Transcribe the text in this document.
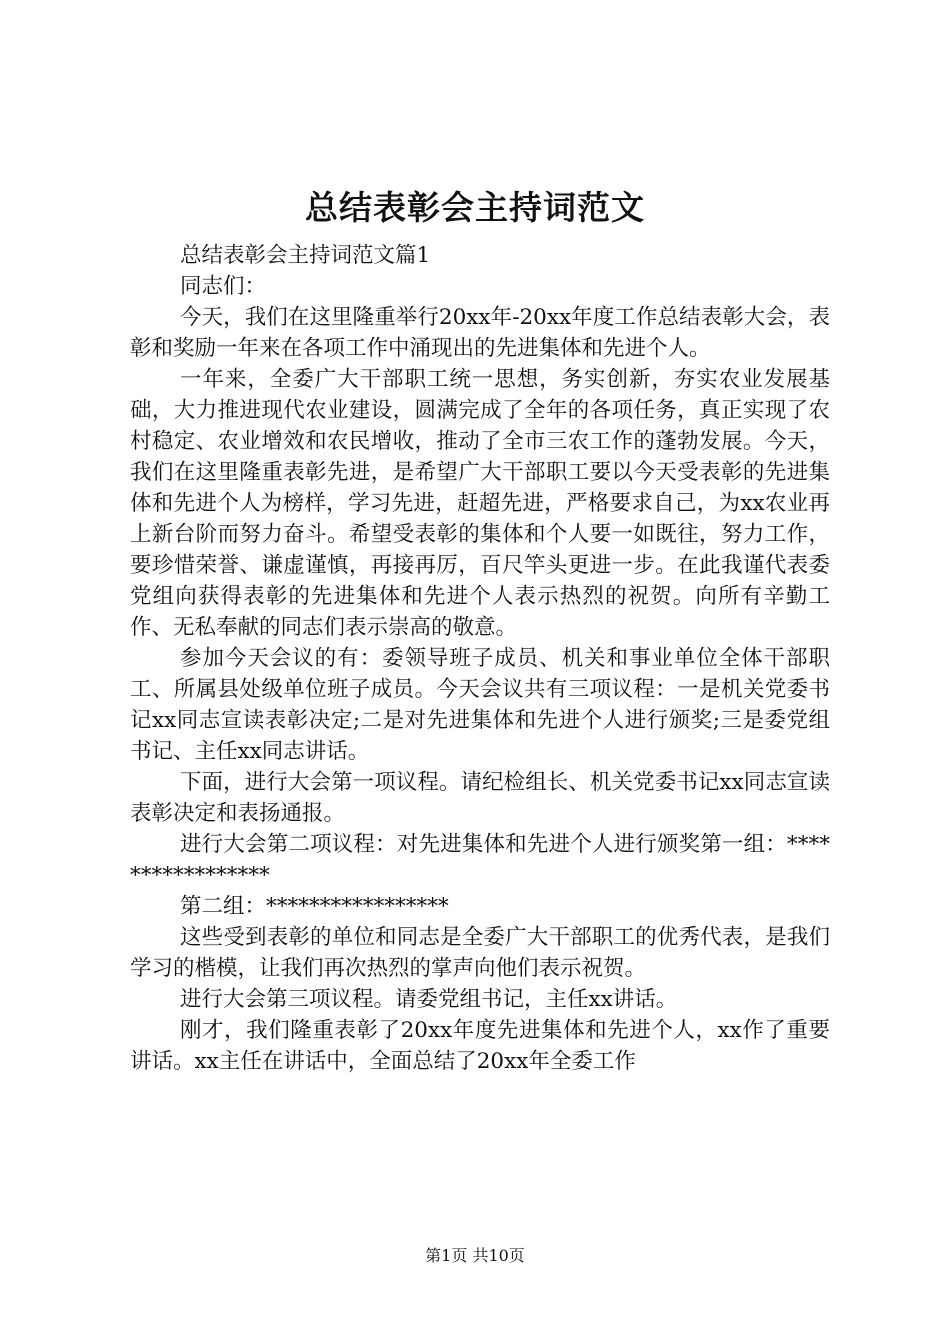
总结表彰会主持词范文

总结表彰会主持词范文篇1

同志们：

今天，我们在这里隆重举行20xx年-20xx年度工作总结表彰大会，表彰和奖励一年来在各项工作中涌现出的先进集体和先进个人。

一年来，全委广大干部职工统一思想，务实创新，夯实农业发展基础，大力推进现代农业建设，圆满完成了全年的各项任务，真正实现了农村稳定、农业增效和农民增收，推动了全市三农工作的蓬勃发展。今天，我们在这里隆重表彰先进，是希望广大干部职工要以今天受表彰的先进集体和先进个人为榜样，学习先进，赶超先进，严格要求自己，为xx农业再上新台阶而努力奋斗。希望受表彰的集体和个人要一如既往，努力工作，要珍惜荣誉、谦虚谨慎，再接再厉，百尺竿头更进一步。在此我谨代表委党组向获得表彰的先进集体和先进个人表示热烈的祝贺。向所有辛勤工作、无私奉献的同志们表示崇高的敬意。

参加今天会议的有：委领导班子成员、机关和事业单位全体干部职工、所属县处级单位班子成员。今天会议共有三项议程：一是机关党委书记xx同志宣读表彰决定;二是对先进集体和先进个人进行颁奖;三是委党组书记、主任xx同志讲话。

下面，进行大会第一项议程。请纪检组长、机关党委书记xx同志宣读表彰决定和表扬通报。

进行大会第二项议程：对先进集体和先进个人进行颁奖第一组：*****************

第二组：*****************

这些受到表彰的单位和同志是全委广大干部职工的优秀代表，是我们学习的楷模，让我们再次热烈的掌声向他们表示祝贺。

进行大会第三项议程。请委党组书记，主任xx讲话。

刚才，我们隆重表彰了20xx年度先进集体和先进个人，xx作了重要讲话。xx主任在讲话中，全面总结了20xx年全委工作

第1页 共10页
